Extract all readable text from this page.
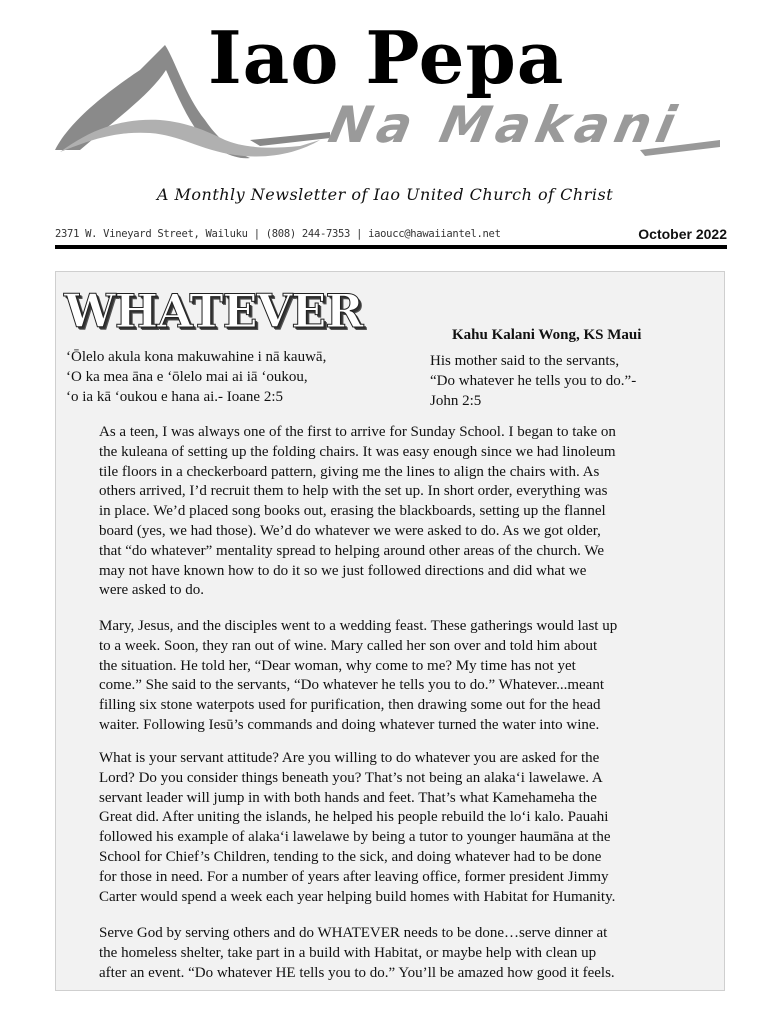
Iao Pepa
Na Makani
A Monthly Newsletter of Iao United Church of Christ
2371 W. Vineyard Street, Wailuku | (808) 244-7353 | iaoucc@hawaiiantel.net	October 2022
WHATEVER	Kahu Kalani Wong, KS Maui
ʻŌlelo akula kona makuwahine i nā kauwā,
ʻO ka mea āna e ʻōlelo mai ai iā ʻoukou,
ʻo ia kā ʻoukou e hana ai.- Ioane 2:5
His mother said to the servants,
“Do whatever he tells you to do.”-
John 2:5
As a teen, I was always one of the first to arrive for Sunday School. I began to take on
the kuleana of setting up the folding chairs. It was easy enough since we had linoleum
tile floors in a checkerboard pattern, giving me the lines to align the chairs with. As
others arrived, I’d recruit them to help with the set up. In short order, everything was
in place. We’d placed song books out, erasing the blackboards, setting up the flannel
board (yes, we had those). We’d do whatever we were asked to do. As we got older,
that “do whatever” mentality spread to helping around other areas of the church. We
may not have known how to do it so we just followed directions and did what we
were asked to do.
Mary, Jesus, and the disciples went to a wedding feast. These gatherings would last up
to a week. Soon, they ran out of wine. Mary called her son over and told him about
the situation. He told her, “Dear woman, why come to me? My time has not yet
come.” She said to the servants, “Do whatever he tells you to do.” Whatever...meant
filling six stone waterpots used for purification, then drawing some out for the head
waiter. Following Iesū’s commands and doing whatever turned the water into wine.
What is your servant attitude? Are you willing to do whatever you are asked for the
Lord? Do you consider things beneath you? That’s not being an alakaʻi lawelawe. A
servant leader will jump in with both hands and feet. That’s what Kamehameha the
Great did. After uniting the islands, he helped his people rebuild the loʻi kalo. Pauahi
followed his example of alakaʻi lawelawe by being a tutor to younger haumāna at the
School for Chief’s Children, tending to the sick, and doing whatever had to be done
for those in need. For a number of years after leaving office, former president Jimmy
Carter would spend a week each year helping build homes with Habitat for Humanity.
Serve God by serving others and do WHATEVER needs to be done…serve dinner at
the homeless shelter, take part in a build with Habitat, or maybe help with clean up
after an event. “Do whatever HE tells you to do.” You’ll be amazed how good it feels.
